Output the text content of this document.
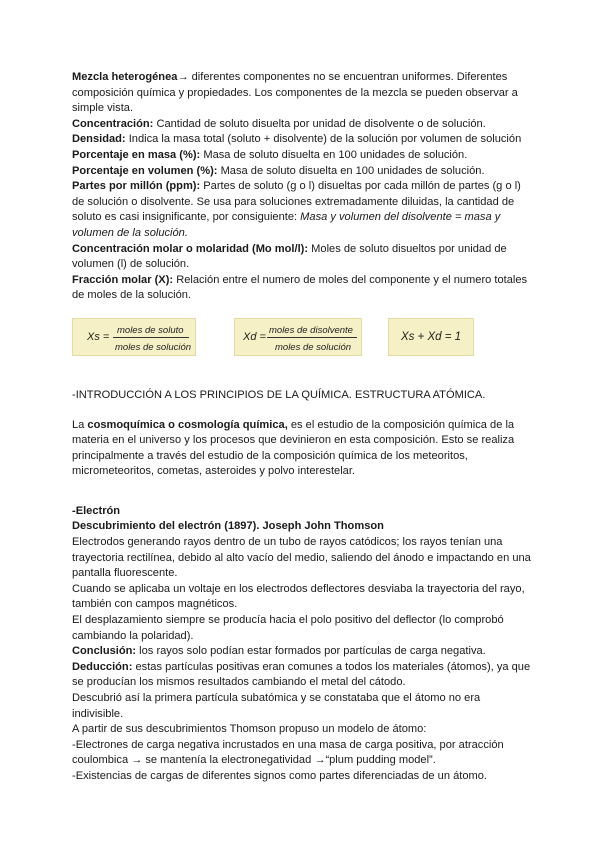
Mezcla heterogénea→ diferentes componentes no se encuentran uniformes. Diferentes composición química y propiedades. Los componentes de la mezcla se pueden observar a simple vista.

Concentración: Cantidad de soluto disuelta por unidad de disolvente o de solución.

Densidad: Indica la masa total (soluto + disolvente) de la solución por volumen de solución

Porcentaje en masa (%): Masa de soluto disuelta en 100 unidades de solución.

Porcentaje en volumen (%): Masa de soluto disuelta en 100 unidades de solución.

Partes por millón (ppm): Partes de soluto (g o l) disueltas por cada millón de partes (g o l) de solución o disolvente. Se usa para soluciones extremadamente diluidas, la cantidad de soluto es casi insignificante, por consiguiente: Masa y volumen del disolvente = masa y volumen de la solución.

Concentración molar o molaridad (Mo mol/l): Moles de soluto disueltos por unidad de volumen (l) de solución.

Fracción molar (X): Relación entre el numero de moles del componente y el numero totales de moles de la solución.

Xs =
moles de soluto
moles de solución
Xd =
moles de disolvente
moles de solución
Xs + Xd = 1

-INTRODUCCIÓN A LOS PRINCIPIOS DE LA QUÍMICA. ESTRUCTURA ATÓMICA.

La cosmoquímica o cosmología química, es el estudio de la composición química de la materia en el universo y los procesos que devinieron en esta composición. Esto se realiza principalmente a través del estudio de la composición química de los meteoritos, micrometeoritos, cometas, asteroides y polvo interestelar.

-Electrón

Descubrimiento del electrón (1897). Joseph John Thomson

Electrodos generando rayos dentro de un tubo de rayos catódicos; los rayos tenían una trayectoria rectilínea, debido al alto vacío del medio, saliendo del ánodo e impactando en una pantalla fluorescente.

Cuando se aplicaba un voltaje en los electrodos deflectores desviaba la trayectoria del rayo, también con campos magnéticos.

El desplazamiento siempre se producía hacia el polo positivo del deflector (lo comprobó cambiando la polaridad).

Conclusión: los rayos solo podían estar formados por partículas de carga negativa.

Deducción: estas partículas positivas eran comunes a todos los materiales (átomos), ya que se producían los mismos resultados cambiando el metal del cátodo.

Descubrió así la primera partícula subatómica y se constataba que el átomo no era indivisible.

A partir de sus descubrimientos Thomson propuso un modelo de átomo:

-Electrones de carga negativa incrustados en una masa de carga positiva, por atracción coulombica → se mantenía la electronegatividad →“plum pudding model”.

-Existencias de cargas de diferentes signos como partes diferenciadas de un átomo.
